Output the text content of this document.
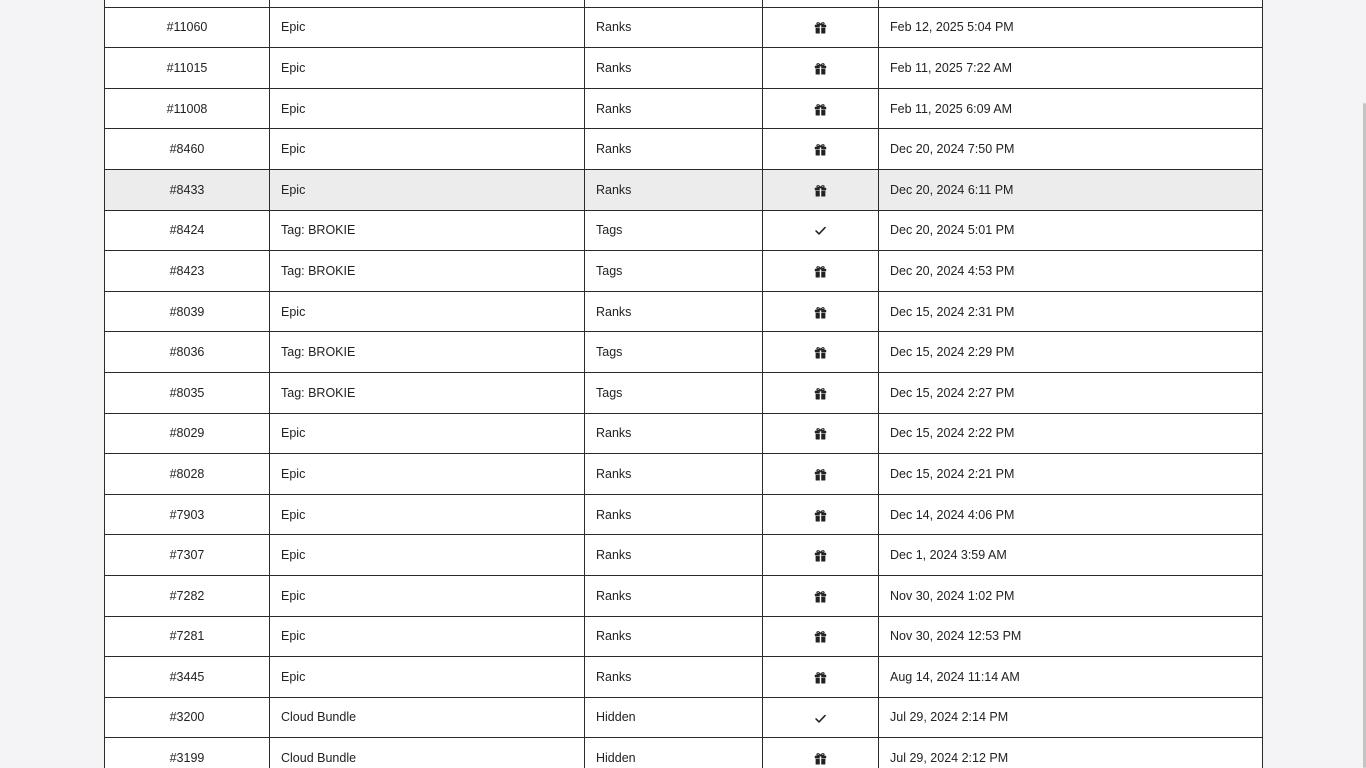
#11060	Epic	Ranks		Feb 12, 2025 5:04 PM
#11015	Epic	Ranks		Feb 11, 2025 7:22 AM
#11008	Epic	Ranks		Feb 11, 2025 6:09 AM
#8460	Epic	Ranks		Dec 20, 2024 7:50 PM
#8433	Epic	Ranks		Dec 20, 2024 6:11 PM
#8424	Tag: BROKIE	Tags		Dec 20, 2024 5:01 PM
#8423	Tag: BROKIE	Tags		Dec 20, 2024 4:53 PM
#8039	Epic	Ranks		Dec 15, 2024 2:31 PM
#8036	Tag: BROKIE	Tags		Dec 15, 2024 2:29 PM
#8035	Tag: BROKIE	Tags		Dec 15, 2024 2:27 PM
#8029	Epic	Ranks		Dec 15, 2024 2:22 PM
#8028	Epic	Ranks		Dec 15, 2024 2:21 PM
#7903	Epic	Ranks		Dec 14, 2024 4:06 PM
#7307	Epic	Ranks		Dec 1, 2024 3:59 AM
#7282	Epic	Ranks		Nov 30, 2024 1:02 PM
#7281	Epic	Ranks		Nov 30, 2024 12:53 PM
#3445	Epic	Ranks		Aug 14, 2024 11:14 AM
#3200	Cloud Bundle	Hidden		Jul 29, 2024 2:14 PM
#3199	Cloud Bundle	Hidden		Jul 29, 2024 2:12 PM
